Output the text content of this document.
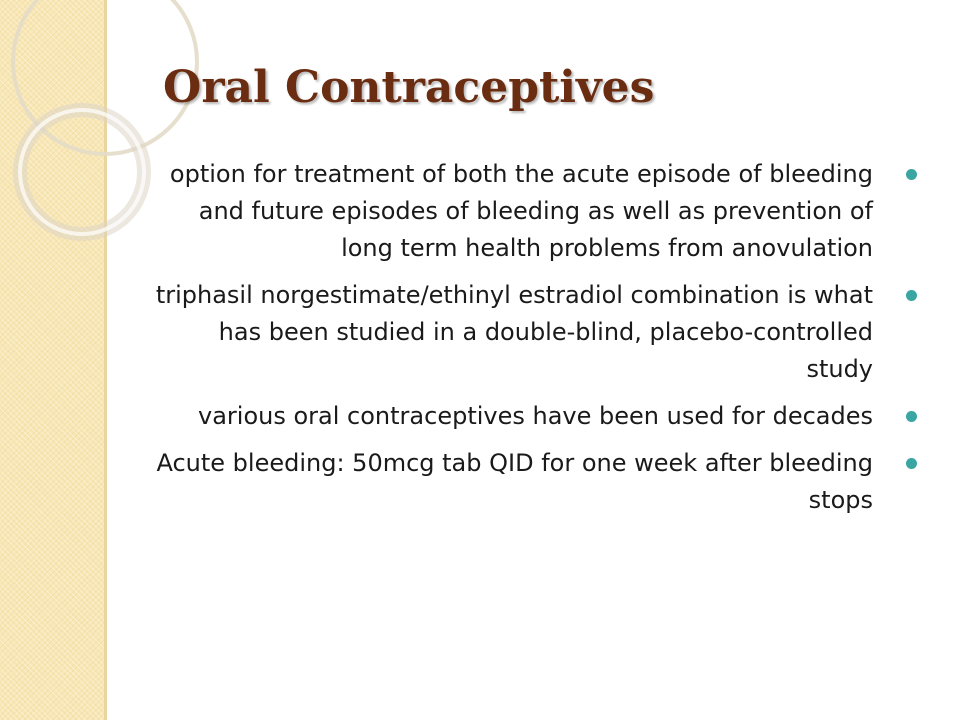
Oral Contraceptives
option for treatment of both the acute episode of bleeding and future episodes of bleeding as well as prevention of long term health problems from anovulation
triphasil norgestimate/ethinyl estradiol combination is what has been studied in a double-blind, placebo-controlled study
various oral contraceptives have been used for decades
Acute bleeding: 50mcg tab QID for one week after bleeding stops
